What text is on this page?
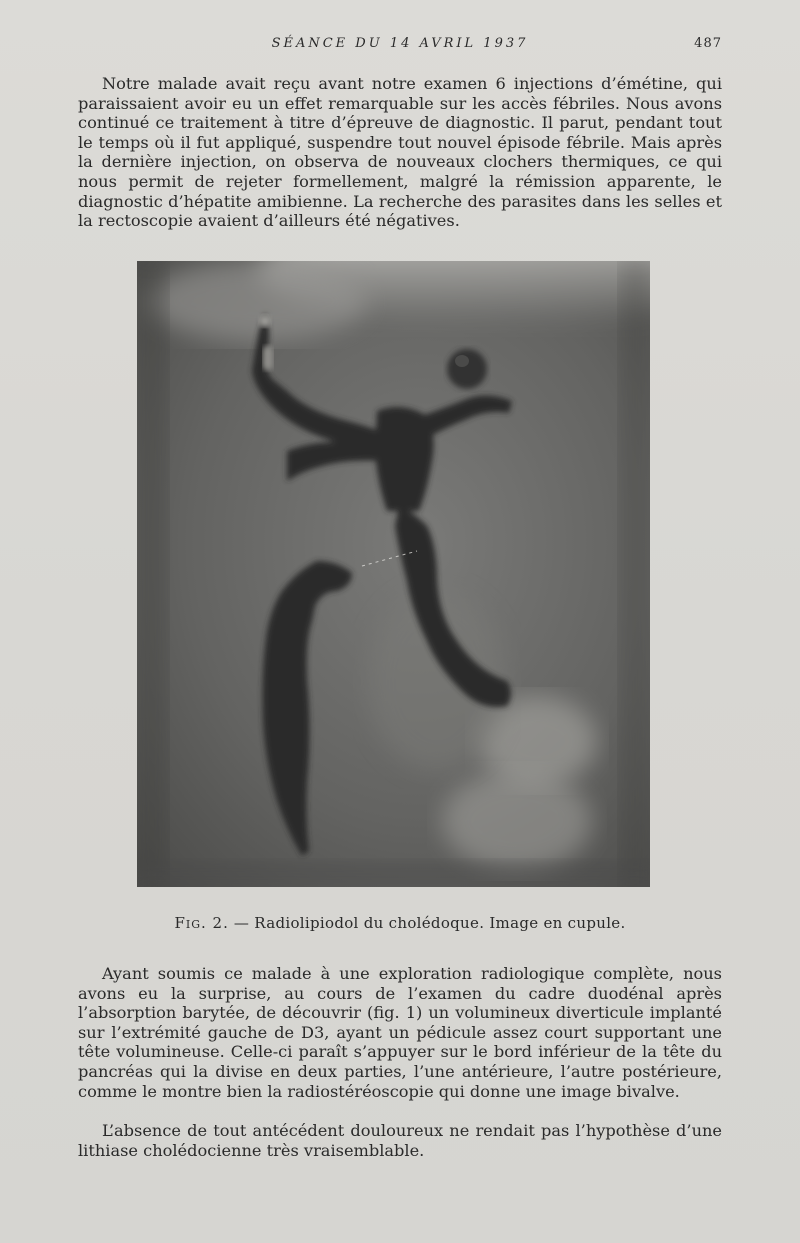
SÉANCE DU 14 AVRIL 1937	487

Notre malade avait reçu avant notre examen 6 injections d’émétine, qui paraissaient avoir eu un effet remarquable sur les accès fébriles. Nous avons continué ce traitement à titre d’épreuve de diagnostic. Il parut, pendant tout le temps où il fut appliqué, suspendre tout nouvel épisode fébrile. Mais après la dernière injection, on observa de nouveaux clochers thermiques, ce qui nous permit de rejeter formellement, malgré la rémission apparente, le diagnostic d’hépatite amibienne. La recherche des parasites dans les selles et la rectoscopie avaient d’ailleurs été négatives.

Fig. 2. — Radiolipiodol du cholédoque. Image en cupule.

Ayant soumis ce malade à une exploration radiologique complète, nous avons eu la surprise, au cours de l’examen du cadre duodénal après l’absorption barytée, de découvrir (fig. 1) un volumineux diverticule implanté sur l’extrémité gauche de D3, ayant un pédicule assez court supportant une tête volumineuse. Celle-ci paraît s’appuyer sur le bord inférieur de la tête du pancréas qui la divise en deux parties, l’une antérieure, l’autre postérieure, comme le montre bien la radiostéréoscopie qui donne une image bivalve.

L’absence de tout antécédent douloureux ne rendait pas l’hypothèse d’une lithiase cholédocienne très vraisemblable.
